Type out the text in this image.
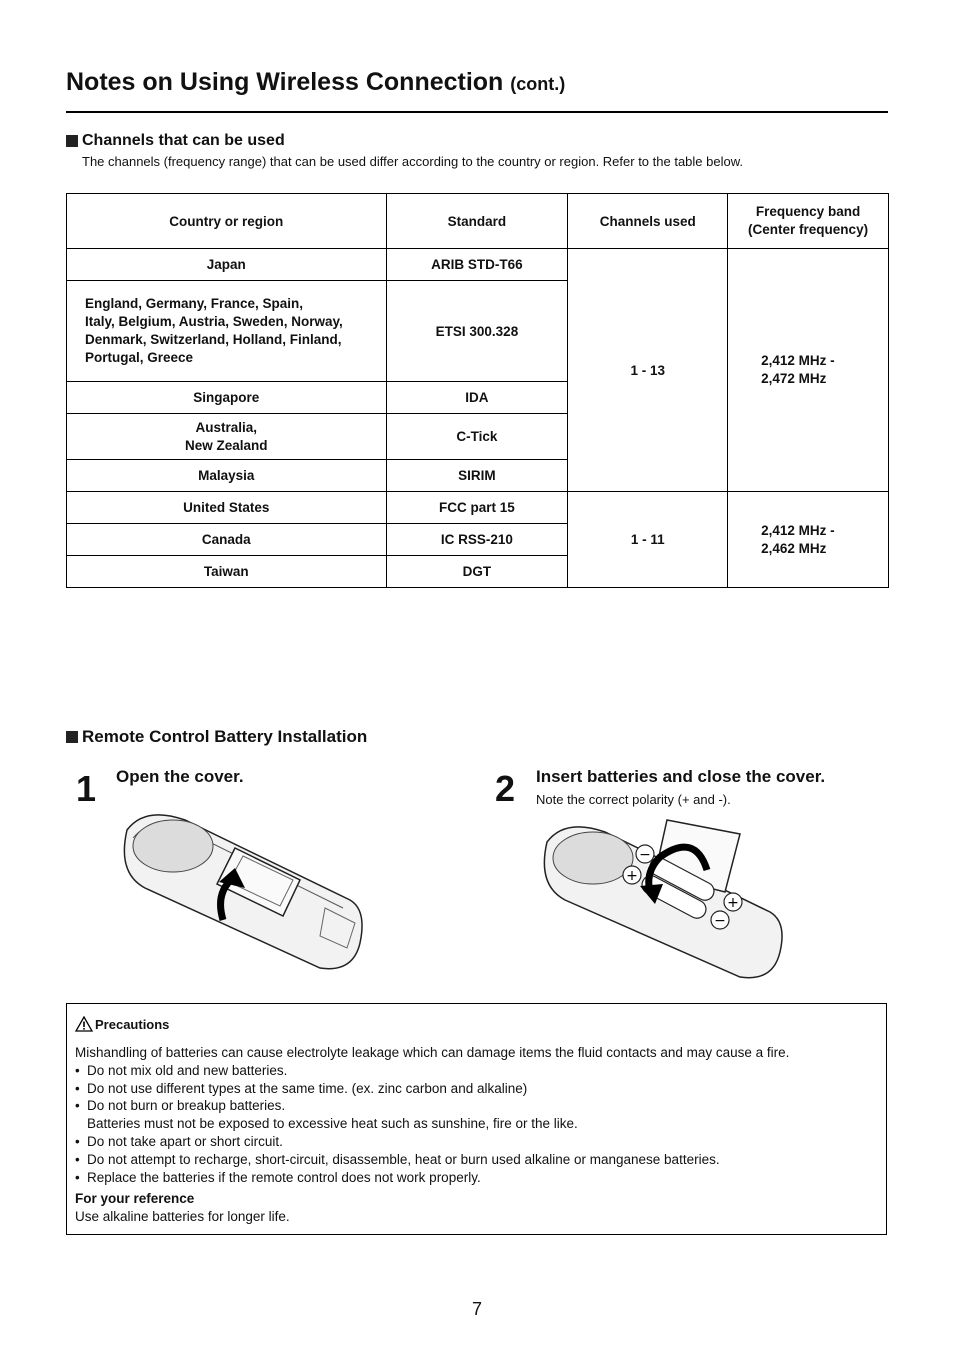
Notes on Using Wireless Connection (cont.)
Channels that can be used
The channels (frequency range) that can be used differ according to the country or region. Refer to the table below.
Country or region	Standard	Channels used	Frequency band
(Center frequency)
Japan	ARIB STD-T66	1 - 13	2,412 MHz -
2,472 MHz
England, Germany, France, Spain,
Italy, Belgium, Austria, Sweden, Norway,
Denmark, Switzerland, Holland, Finland,
Portugal, Greece	ETSI 300.328		
Singapore	IDA		
Australia,
New Zealand	C-Tick		
Malaysia	SIRIM		
United States	FCC part 15	1 - 11	2,412 MHz -
2,462 MHz
Canada	IC RSS-210		
Taiwan	DGT		
Remote Control Battery Installation
1 Open the cover.	2 Insert batteries and close the cover.
Note the correct polarity (+ and -).
−
+
+
−
Precautions
Mishandling of batteries can cause electrolyte leakage which can damage items the fluid contacts and may cause a fire.
• Do not mix old and new batteries.
• Do not use different types at the same time. (ex. zinc carbon and alkaline)
• Do not burn or breakup batteries.
Batteries must not be exposed to excessive heat such as sunshine, fire or the like.
• Do not take apart or short circuit.
• Do not attempt to recharge, short-circuit, disassemble, heat or burn used alkaline or manganese batteries.
• Replace the batteries if the remote control does not work properly.
For your reference
Use alkaline batteries for longer life.
7
